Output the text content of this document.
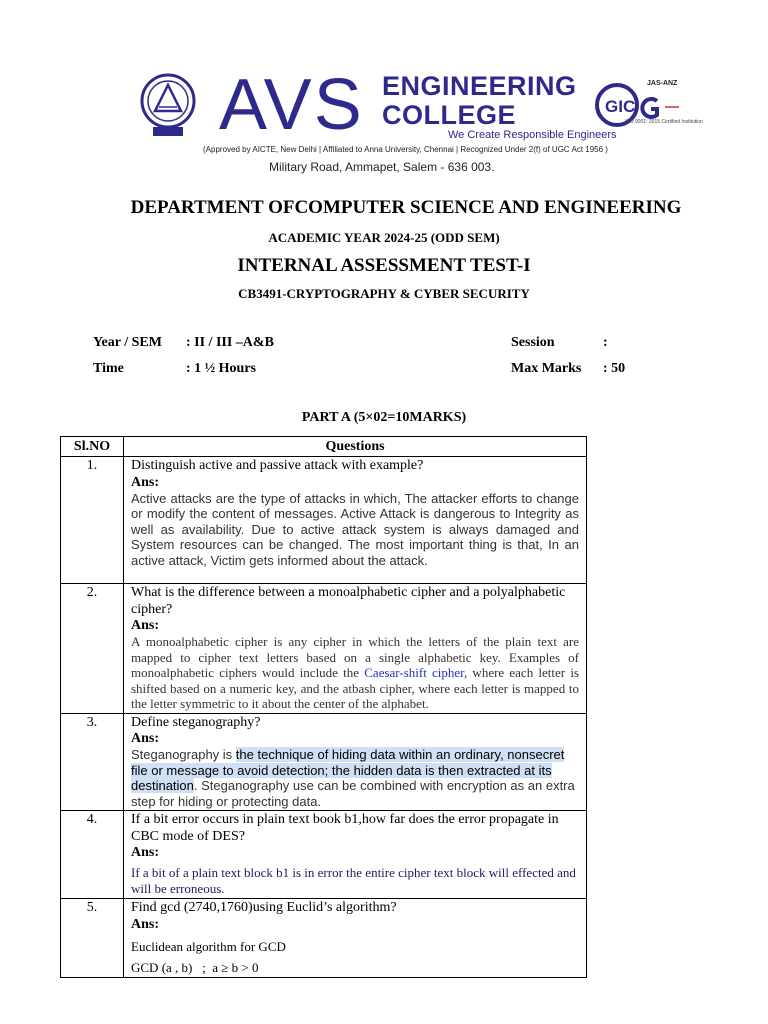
AVS ENGINEERING
COLLEGE
We Create Responsible Engineers
(Approved by AICTE, New Delhi | Affiliated to Anna University, Chennai | Recognized Under 2(f) of UGC Act 1956 )
Military Road, Ammapet, Salem - 636 003.
GIC
JAS-ANZ
ISO 9001: 2015 Certified Institution
DEPARTMENT OFCOMPUTER SCIENCE AND ENGINEERING
ACADEMIC YEAR 2024-25 (ODD SEM)
INTERNAL ASSESSMENT TEST-I
CB3491-CRYPTOGRAPHY & CYBER SECURITY
Year / SEM : II / III –A&B
Time	: 1 ½ Hours
Session	:
Max Marks : 50
PART A (5×02=10MARKS)
Sl.NO	Questions
1.	Distinguish active and passive attack with example?
Ans:
Active attacks are the type of attacks in which, The attacker efforts to change or modify the content of messages. Active Attack is dangerous to Integrity as well as availability. Due to active attack system is always damaged and System resources can be changed. The most important thing is that, In an active attack, Victim gets informed about the attack.

2.	What is the difference between a monoalphabetic cipher and a polyalphabetic cipher?
Ans:
A monoalphabetic cipher is any cipher in which the letters of the plain text are mapped to cipher text letters based on a single alphabetic key. Examples of monoalphabetic ciphers would include the Caesar-shift cipher, where each letter is shifted based on a numeric key, and the atbash cipher, where each letter is mapped to the letter symmetric to it about the center of the alphabet.

3.	Define steganography?
Ans:
Steganography is the technique of hiding data within an ordinary, nonsecret file or message to avoid detection; the hidden data is then extracted at its destination. Steganography use can be combined with encryption as an extra step for hiding or protecting data.

4.	If a bit error occurs in plain text book b1,how far does the error propagate in CBC mode of DES?
Ans:
If a bit of a plain text block b1 is in error the entire cipher text block will effected and will be erroneous.

5.	Find gcd (2740,1760)using Euclid’s algorithm?
Ans:
Euclidean algorithm for GCD
GCD (a , b)   ;  a ≥ b > 0
